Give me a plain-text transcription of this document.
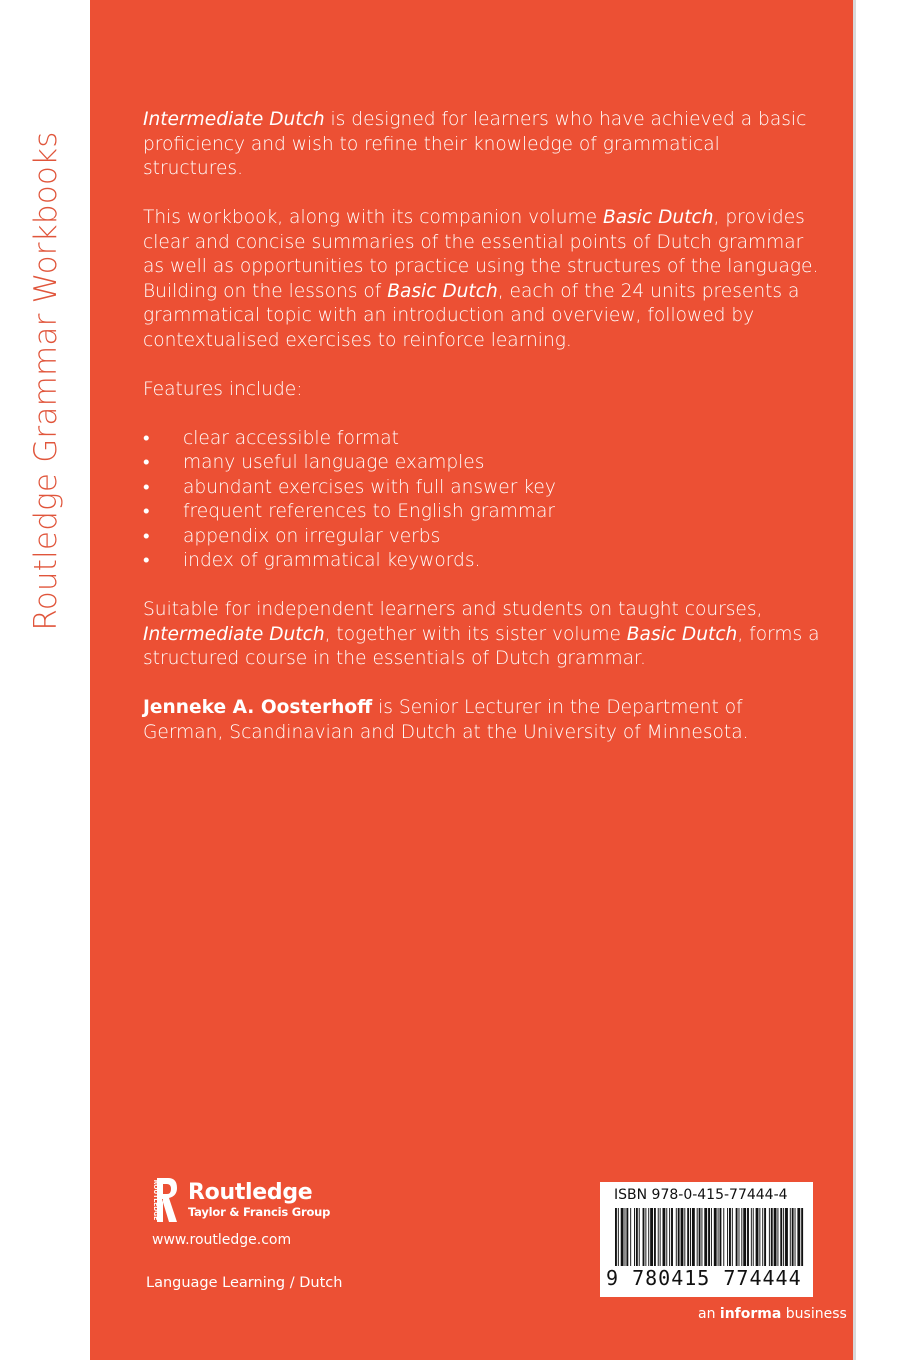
Routledge Grammar Workbooks

Intermediate Dutch is designed for learners who have achieved a basic proficiency and wish to refine their knowledge of grammatical structures.

This workbook, along with its companion volume Basic Dutch, provides clear and concise summaries of the essential points of Dutch grammar as well as opportunities to practice using the structures of the language. Building on the lessons of Basic Dutch, each of the 24 units presents a grammatical topic with an introduction and overview, followed by contextualised exercises to reinforce learning.

Features include:

• clear accessible format
• many useful language examples
• abundant exercises with full answer key
• frequent references to English grammar
• appendix on irregular verbs
• index of grammatical keywords.

Suitable for independent learners and students on taught courses, Intermediate Dutch, together with its sister volume Basic Dutch, forms a structured course in the essentials of Dutch grammar.

Jenneke A. Oosterhoff is Senior Lecturer in the Department of German, Scandinavian and Dutch at the University of Minnesota.

ROUTLEDGE Routledge
Taylor & Francis Group
www.routledge.com
Language Learning / Dutch
ISBN 978-0-415-77444-4
9 780415 774444
an informa business
